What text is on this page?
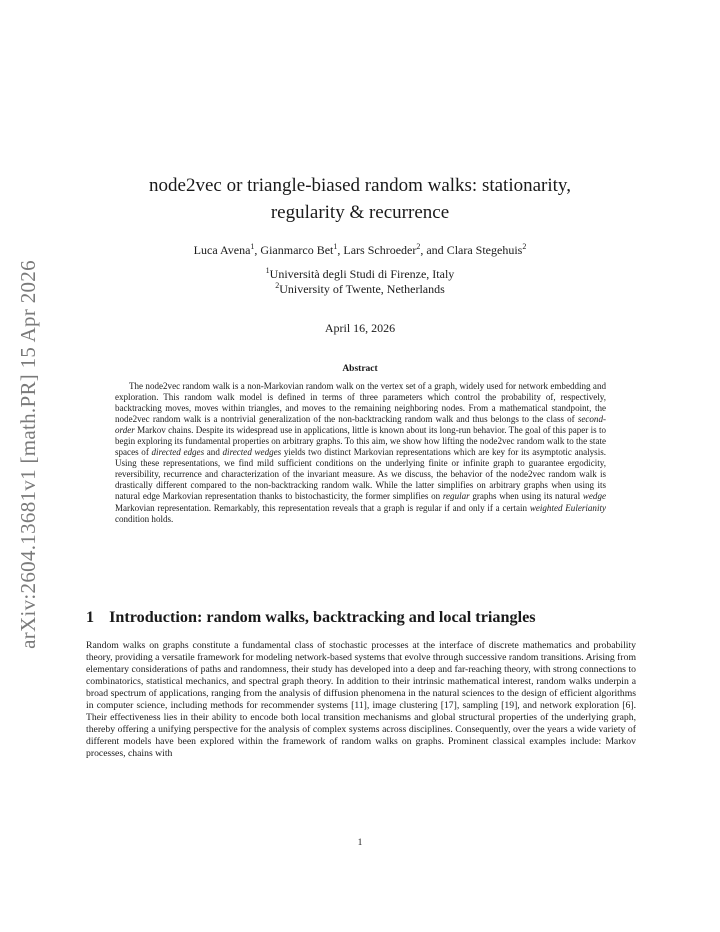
arXiv:2604.13681v1 [math.PR] 15 Apr 2026
node2vec or triangle-biased random walks: stationarity,
regularity & recurrence
Luca Avena$^1$, Gianmarco Bet$^1$, Lars Schroeder$^2$, and Clara Stegehuis$^2$
$^1$Università degli Studi di Firenze, Italy
$^2$University of Twente, Netherlands
April 16, 2026
Abstract

The node2vec random walk is a non-Markovian random walk on the vertex set of a graph, widely used for network embedding and exploration. This random walk model is defined in terms of three parameters which control the probability of, respectively, backtracking moves, moves within triangles, and moves to the remaining neighboring nodes. From a mathematical standpoint, the node2vec random walk is a nontrivial generalization of the non-backtracking random walk and thus belongs to the class of second-order Markov chains. Despite its widespread use in applications, little is known about its long-run behavior. The goal of this paper is to begin exploring its fundamental properties on arbitrary graphs. To this aim, we show how lifting the node2vec random walk to the state spaces of directed edges and directed wedges yields two distinct Markovian representations which are key for its asymptotic analysis. Using these representations, we find mild sufficient conditions on the underlying finite or infinite graph to guarantee ergodicity, reversibility, recurrence and characterization of the invariant measure. As we discuss, the behavior of the node2vec random walk is drastically different compared to the non-backtracking random walk. While the latter simplifies on arbitrary graphs when using its natural edge Markovian representation thanks to bistochasticity, the former simplifies on regular graphs when using its natural wedge Markovian representation. Remarkably, this representation reveals that a graph is regular if and only if a certain weighted Eulerianity condition holds.

1 Introduction: random walks, backtracking and local triangles

Random walks on graphs constitute a fundamental class of stochastic processes at the interface of discrete mathematics and probability theory, providing a versatile framework for modeling network-based systems that evolve through successive random transitions. Arising from elementary considerations of paths and randomness, their study has developed into a deep and far-reaching theory, with strong connections to combinatorics, statistical mechanics, and spectral graph theory. In addition to their intrinsic mathematical interest, random walks underpin a broad spectrum of applications, ranging from the analysis of diffusion phenomena in the natural sciences to the design of efficient algorithms in computer science, including methods for recommender systems [11], image clustering [17], sampling [19], and network exploration [6]. Their effectiveness lies in their ability to encode both local transition mechanisms and global structural properties of the underlying graph, thereby offering a unifying perspective for the analysis of complex systems across disciplines. Consequently, over the years a wide variety of different models have been explored within the framework of random walks on graphs. Prominent classical examples include: Markov processes, chains with

1
